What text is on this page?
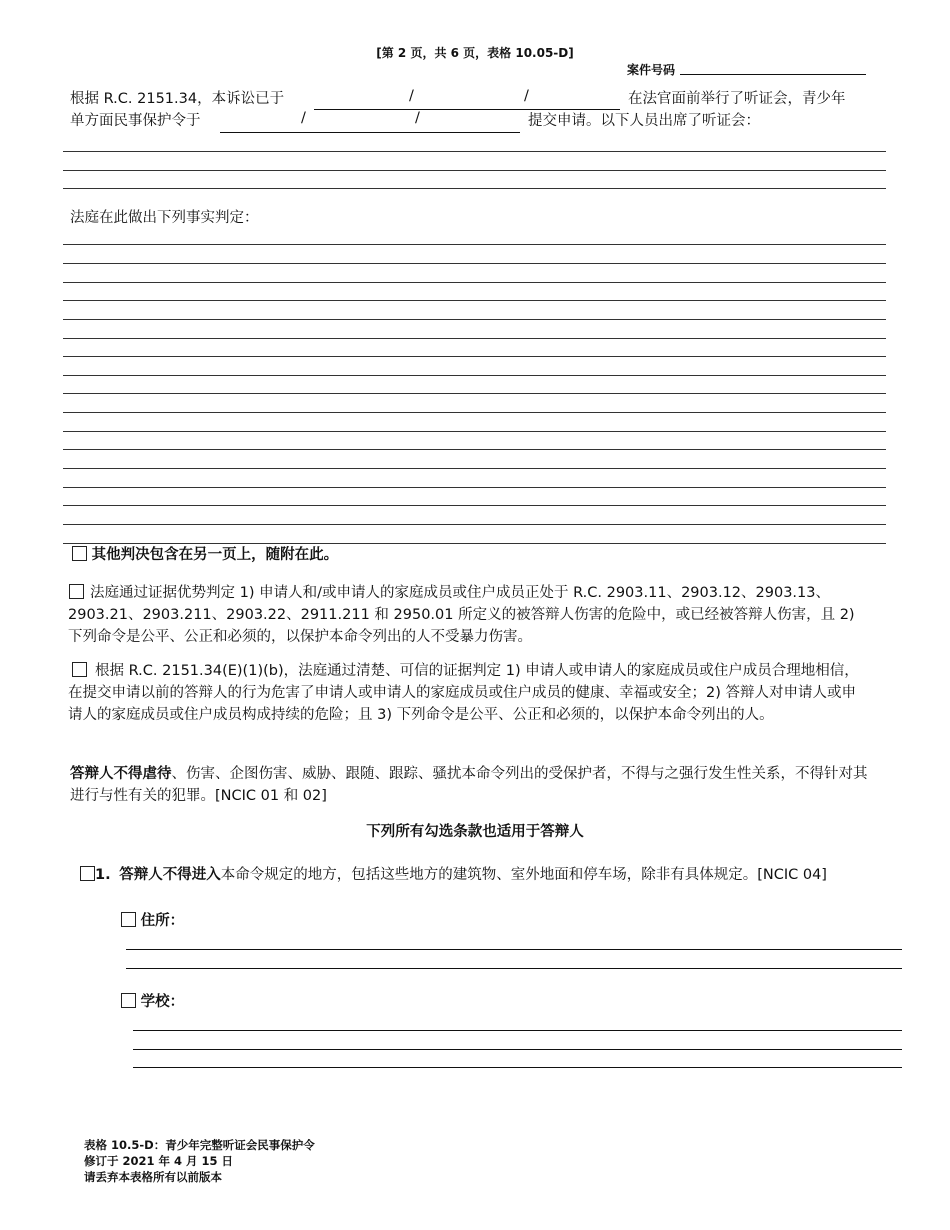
[第 2 页，共 6 页，表格 10.05-D]
案件号码
根据 R.C. 2151.34，本诉讼已于	/	/	在法官面前举行了听证会，青少年
单方面民事保护令于	/	/	提交申请。以下人员出席了听证会：
法庭在此做出下列事实判定：
其他判决包含在另一页上，随附在此。
法庭通过证据优势判定 1) 申请人和/或申请人的家庭成员或住户成员正处于 R.C. 2903.11、2903.12、2903.13、2903.21、2903.211、2903.22、2911.211 和 2950.01 所定义的被答辩人伤害的危险中，或已经被答辩人伤害，且 2) 下列命令是公平、公正和必须的，以保护本命令列出的人不受暴力伤害。
根据 R.C. 2151.34(E)(1)(b)，法庭通过清楚、可信的证据判定 1) 申请人或申请人的家庭成员或住户成员合理地相信，在提交申请以前的答辩人的行为危害了申请人或申请人的家庭成员或住户成员的健康、幸福或安全；2) 答辩人对申请人或申请人的家庭成员或住户成员构成持续的危险；且 3) 下列命令是公平、公正和必须的，以保护本命令列出的人。
答辩人不得虐待、伤害、企图伤害、威胁、跟随、跟踪、骚扰本命令列出的受保护者，不得与之强行发生性关系，不得针对其进行与性有关的犯罪。[NCIC 01 和 02]
下列所有勾选条款也适用于答辩人
1. 答辩人不得进入本命令规定的地方，包括这些地方的建筑物、室外地面和停车场，除非有具体规定。[NCIC 04]
住所：
学校：
表格 10.5-D：青少年完整听证会民事保护令
修订于 2021 年 4 月 15 日
请丢弃本表格所有以前版本
